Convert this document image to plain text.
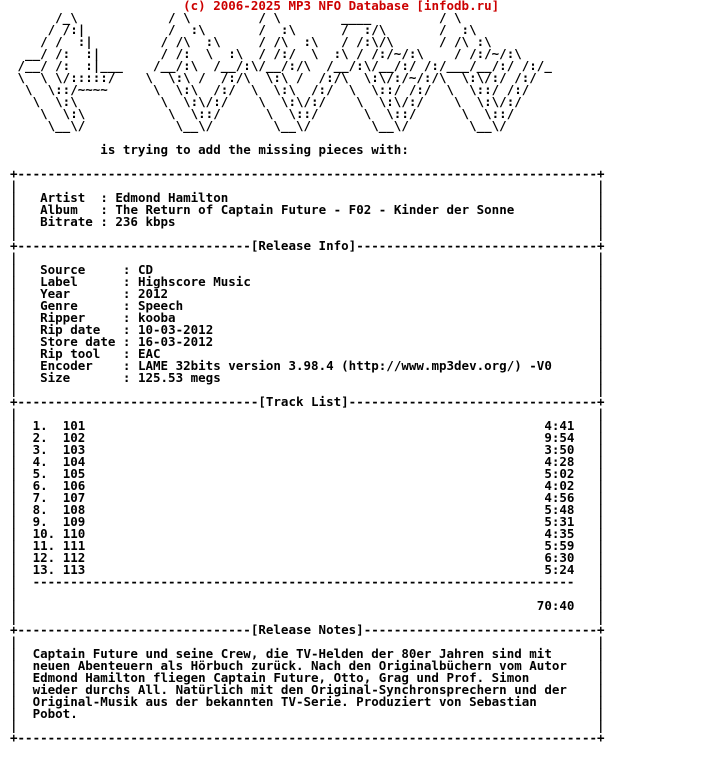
(c) 2006-2025 MP3 NFO Database [infodb.ru]
/_\            / \         / \        ____         / \
/ /:|           /  :\       /  :\      /  :/\       /  :\
/ /  :|         / /\  :\     / /\  :\   / /:\/\      / /\ :\
__/ /:  :|        / /:  \  :\  / /:/  \  :\ / /:/~/:\    / /:/~/:\
/__/ /:  :|___    /__/:\  /__/:\/__/:/\  /__/:\/__/:/ /:/___/__/:/ /:/_
\  \ \/:::::/    \  \:\ /  /:/\  \:\ /  /:/\  \:\/:/~/:/\  \:\/:/ /:/
\  \::/~~~~      \  \:\  /:/  \  \:\  /:/  \  \::/ /:/  \  \::/ /:/
\  \:\           \  \:\/:/    \  \:\/:/    \  \:\/:/    \  \:\/:/
\  \:\           \  \::/      \  \::/      \  \::/      \  \::/
\__\/            \__\/        \__\/        \__\/        \__\/
is trying to add the missing pieces with:
+-----------------------------------------------------------------------------+
|                                                                             |
|   Artist  : Edmond Hamilton                                                 |
|   Album   : The Return of Captain Future - F02 - Kinder der Sonne           |
|   Bitrate : 236 kbps                                                        |
|                                                                             |
+-------------------------------[Release Info]--------------------------------+
|                                                                             |
|   Source     : CD                                                           |
|   Label      : Highscore Music                                              |
|   Year       : 2012                                                         |
|   Genre      : Speech                                                       |
|   Ripper     : kooba                                                        |
|   Rip date   : 10-03-2012                                                   |
|   Store date : 16-03-2012                                                   |
|   Rip tool   : EAC                                                          |
|   Encoder    : LAME 32bits version 3.98.4 (http://www.mp3dev.org/) -V0      |
|   Size       : 125.53 megs                                                  |
|                                                                             |
+--------------------------------[Track List]---------------------------------+
|                                                                             |
|  1. 101	4:41   |
|  2. 102	9:54   |
|  3. 103	3:50   |
|  4. 104	4:28   |
|  5. 105	5:02   |
|  6. 106	4:02   |
|  7. 107	4:56   |
|  8. 108	5:48   |
|  9. 109	5:31   |
|  10. 110	4:35   |
|  11. 111	5:59   |
|  12. 112	6:30   |
|  13. 113	5:24   |
|  ------------------------------------------------------------------------   |
|                                                                             |
|                                                                     70:40   |
|                                                                             |
+-------------------------------[Release Notes]-------------------------------+
|                                                                             |
|  Captain Future und seine Crew, die TV-Helden der 80er Jahren sind mit      |
|  neuen Abenteuern als Hörbuch zurück. Nach den Originalbüchern vom Autor    |
|  Edmond Hamilton fliegen Captain Future, Otto, Grag und Prof. Simon         |
|  wieder durchs All. Natürlich mit den Original-Synchronsprechern und der    |
|  Original-Musik aus der bekannten TV-Serie. Produziert von Sebastian        |
|  Pobot.                                                                     |
|                                                                             |
+-----------------------------------------------------------------------------+
